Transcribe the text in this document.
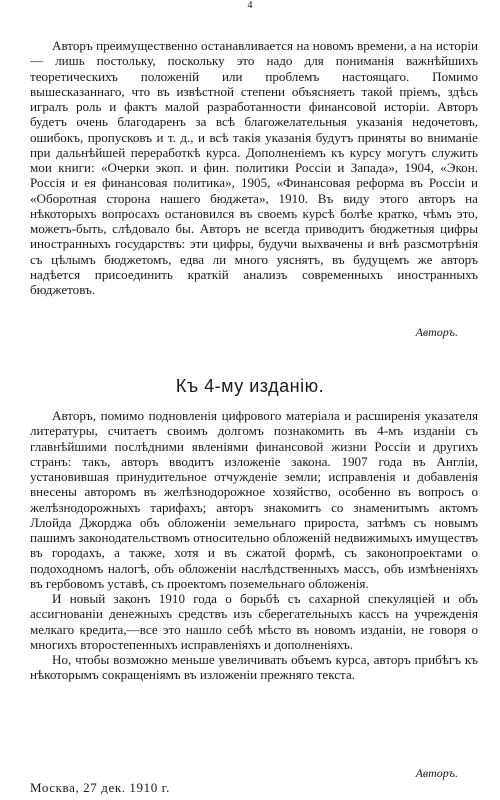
4

Авторъ преимущественно останавливается на новомъ времени, а на исторiи — лишь постольку, поскольку это надо для пониманiя важнѣйшихъ теоретическихъ положенiй или проблемъ настоящаго. Помимо вышесказаннаго, что въ извѣстной степени объясняетъ такой прiемъ, здѣсь игралъ роль и фактъ малой разработанности финансовой исторiи. Авторъ будетъ очень благодаренъ за всѣ благожелательныя указанiя недочетовъ, ошибокъ, пропусковъ и т. д., и всѣ такiя указанiя будутъ приняты во вниманiе при дальнѣйшей переработкѣ курса. Дополненiемъ къ курсу могутъ служить мои книги: «Очерки экоп. и фин. политики Россiи и Запада», 1904, «Экон. Россiя и ея финансовая политика», 1905, «Финансовая реформа въ Россiи и «Оборотная сторона нашего бюджета», 1910. Въ виду этого авторъ на нѣкоторыхъ вопросахъ остановился въ своемъ курсѣ болѣе кратко, чѣмъ это, можетъ-быть, слѣдовало бы. Авторъ не всегда приводитъ бюджетныя цифры иностранныхъ государствъ: эти цифры, будучи выхвачены и внѣ разсмотрѣнiя съ цѣлымъ бюджетомъ, едва ли много уяснятъ, въ будущемъ же авторъ надѣется присоединить краткiй анализъ современныхъ иностранныхъ бюджетовъ.

Авторъ.
Къ 4-му изданiю.

Авторъ, помимо подновленiя цифрового матерiала и расширенiя указателя литературы, считаетъ своимъ долгомъ познакомить въ 4-мъ изданiи съ главнѣйшими послѣдними явленiями финансовой жизни Россiи и другихъ странъ: такъ, авторъ вводитъ изложенiе закона. 1907 года въ Англiи, установившая принудительное отчужденiе земли; исправленiя и добавленiя внесены авторомъ въ желѣзнодорожное хозяйство, особенно въ вопросъ о желѣзнодорожныхъ тарифахъ; авторъ знакомитъ со знаменитымъ актомъ Ллойда Джорджа объ обложенiи земельнаго прироста, затѣмъ съ новымъ пашимъ законодательствомъ относительно обложенiй недвижимыхъ имуществъ въ городахъ, а также, хотя и въ сжатой формѣ, съ законопроектами о подоходномъ налогѣ, объ обложенiи наслѣдственныхъ массъ, объ измѣненiяхъ въ гербовомъ уставѣ, съ проектомъ поземельнаго обложенiя.

И новый законъ 1910 года о борьбѣ съ сахарной спекуляцiей и объ ассигнованiи денежныхъ средствъ изъ сберегательныхъ кассъ на учрежденiя мелкаго кредита,—все это нашло себѣ мѣсто въ новомъ изданiи, не говоря о многихъ второстепенныхъ исправленiяхъ и дополненiяхъ.

Но, чтобы возможно меньше увеличивать объемъ курса, авторъ прибѣгъ къ нѣкоторымъ сокращенiямъ въ изложенiи прежняго текста.

Авторъ.
Москва, 27 дек. 1910 г.
